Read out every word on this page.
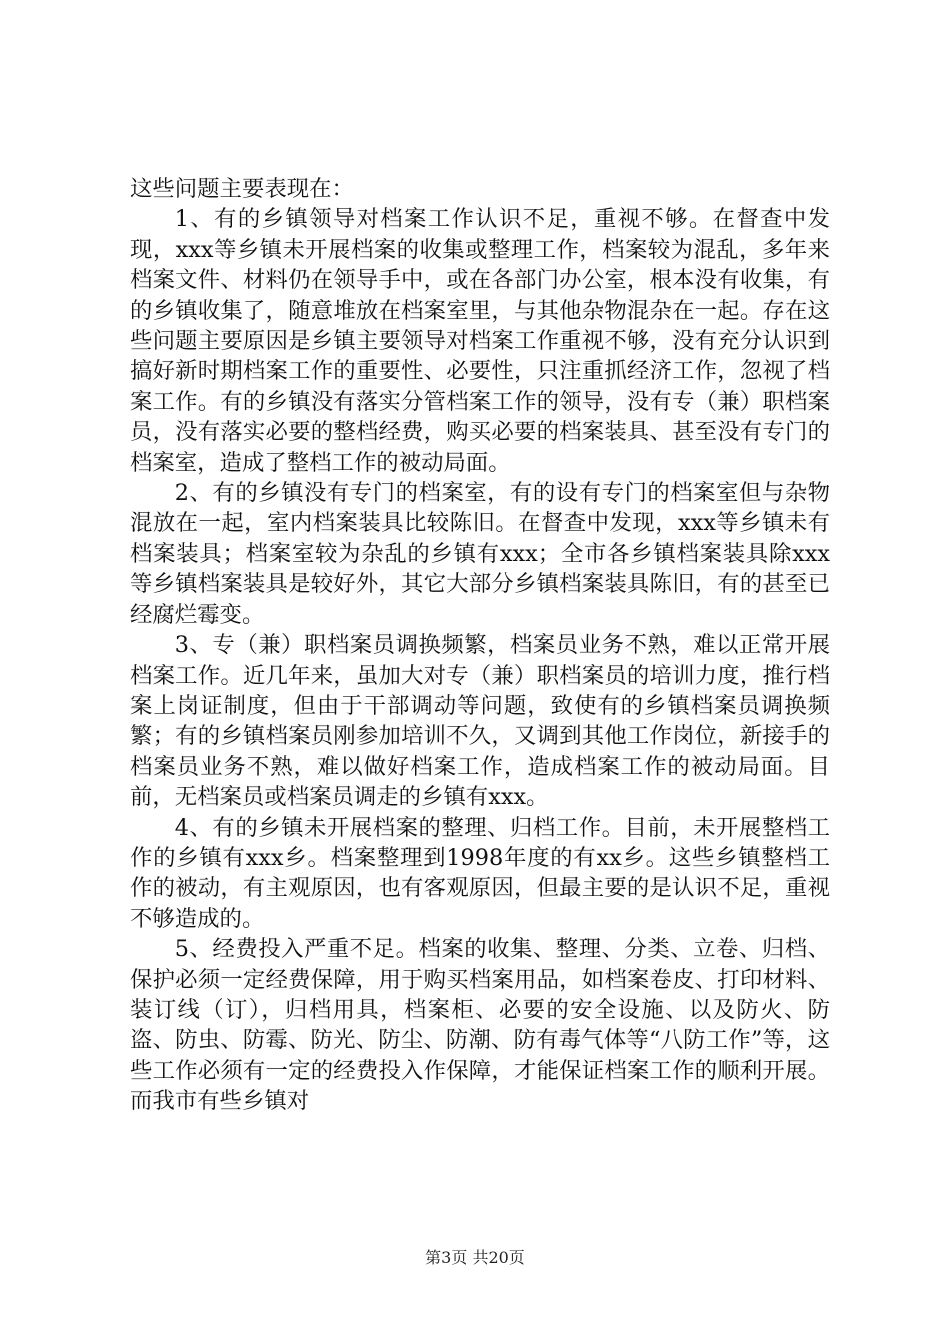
这些问题主要表现在：

1、有的乡镇领导对档案工作认识不足，重视不够。在督查中发现，xxx等乡镇未开展档案的收集或整理工作，档案较为混乱，多年来档案文件、材料仍在领导手中，或在各部门办公室，根本没有收集，有的乡镇收集了，随意堆放在档案室里，与其他杂物混杂在一起。存在这些问题主要原因是乡镇主要领导对档案工作重视不够，没有充分认识到搞好新时期档案工作的重要性、必要性，只注重抓经济工作，忽视了档案工作。有的乡镇没有落实分管档案工作的领导，没有专（兼）职档案员，没有落实必要的整档经费，购买必要的档案装具、甚至没有专门的档案室，造成了整档工作的被动局面。

2、有的乡镇没有专门的档案室，有的设有专门的档案室但与杂物混放在一起，室内档案装具比较陈旧。在督查中发现，xxx等乡镇未有档案装具；档案室较为杂乱的乡镇有xxx；全市各乡镇档案装具除xxx等乡镇档案装具是较好外，其它大部分乡镇档案装具陈旧，有的甚至已经腐烂霉变。

3、专（兼）职档案员调换频繁，档案员业务不熟，难以正常开展档案工作。近几年来，虽加大对专（兼）职档案员的培训力度，推行档案上岗证制度，但由于干部调动等问题，致使有的乡镇档案员调换频繁；有的乡镇档案员刚参加培训不久，又调到其他工作岗位，新接手的档案员业务不熟，难以做好档案工作，造成档案工作的被动局面。目前，无档案员或档案员调走的乡镇有xxx。

4、有的乡镇未开展档案的整理、归档工作。目前，未开展整档工作的乡镇有xxx乡。档案整理到1998年度的有xx乡。这些乡镇整档工作的被动，有主观原因，也有客观原因，但最主要的是认识不足，重视不够造成的。

5、经费投入严重不足。档案的收集、整理、分类、立卷、归档、保护必须一定经费保障，用于购买档案用品，如档案卷皮、打印材料、装订线（订），归档用具，档案柜、必要的安全设施、以及防火、防盗、防虫、防霉、防光、防尘、防潮、防有毒气体等“八防工作”等，这些工作必须有一定的经费投入作保障，才能保证档案工作的顺利开展。而我市有些乡镇对

第3页 共20页
